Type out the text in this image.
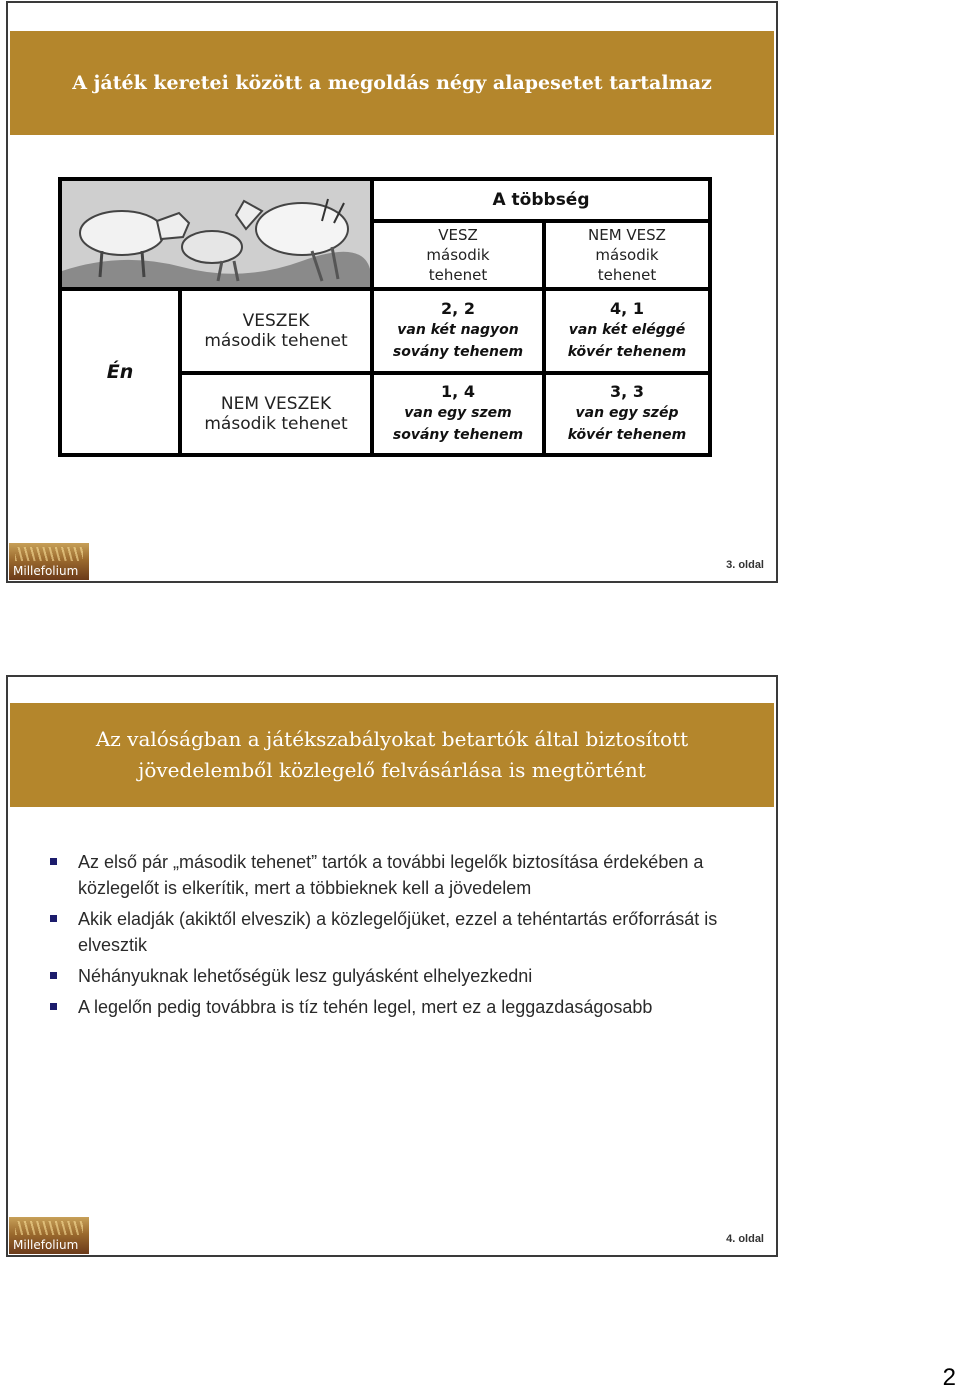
A játék keretei között a megoldás négy alapesetet tartalmaz
A többség
VESZ
második
tehenet
NEM VESZ
második
tehenet
Én
VESZEK
második tehenet
NEM VESZEK
második tehenet
2, 2
van két nagyon
sovány tehenem
4, 1
van két eléggé
kövér tehenem
1, 4
van egy szem
sovány tehenem
3, 3
van egy szép
kövér tehenem
Millefolium	3. oldal
Az valóságban a játékszabályokat betartók által biztosított
jövedelemből közlegelő felvásárlása is megtörtént
Az első pár „második tehenet” tartók a további legelők biztosítása érdekében a közlegelőt is elkerítik, mert a többieknek kell a jövedelem
Akik eladják (akiktől elveszik) a közlegelőjüket, ezzel a tehéntartás erőforrását is elvesztik
Néhányuknak lehetőségük lesz gulyásként elhelyezkedni
A legelőn pedig továbbra is tíz tehén legel, mert ez a leggazdaságosabb
Millefolium	4. oldal
2
